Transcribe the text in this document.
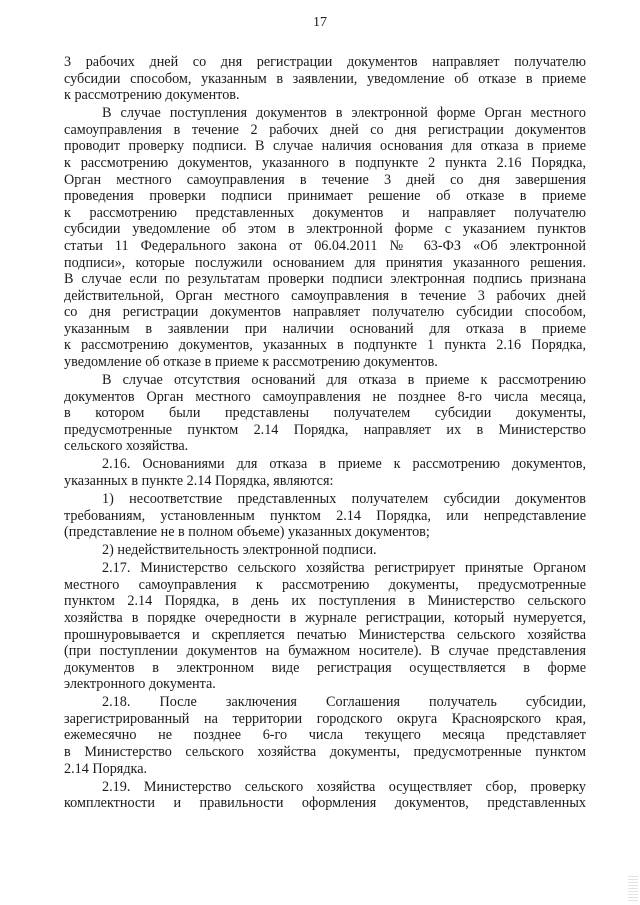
17
3 рабочих дней со дня регистрации документов направляет получателю
субсидии способом, указанным в заявлении, уведомление об отказе в приеме
к рассмотрению документов.
В случае поступления документов в электронной форме Орган местного
самоуправления в течение 2 рабочих дней со дня регистрации документов
проводит проверку подписи. В случае наличия основания для отказа в приеме
к рассмотрению документов, указанного в подпункте 2 пункта 2.16 Порядка,
Орган местного самоуправления в течение 3 дней со дня завершения
проведения проверки подписи принимает решение об отказе в приеме
к рассмотрению представленных документов и направляет получателю
субсидии уведомление об этом в электронной форме с указанием пунктов
статьи 11 Федерального закона от 06.04.2011 № 63-ФЗ «Об электронной
подписи», которые послужили основанием для принятия указанного решения.
В случае если по результатам проверки подписи электронная подпись признана
действительной, Орган местного самоуправления в течение 3 рабочих дней
со дня регистрации документов направляет получателю субсидии способом,
указанным в заявлении при наличии оснований для отказа в приеме
к рассмотрению документов, указанных в подпункте 1 пункта 2.16 Порядка,
уведомление об отказе в приеме к рассмотрению документов.
В случае отсутствия оснований для отказа в приеме к рассмотрению
документов Орган местного самоуправления не позднее 8-го числа месяца,
в котором были представлены получателем субсидии документы,
предусмотренные пунктом 2.14 Порядка, направляет их в Министерство
сельского хозяйства.
2.16. Основаниями для отказа в приеме к рассмотрению документов,
указанных в пункте 2.14 Порядка, являются:
1) несоответствие представленных получателем субсидии документов
требованиям, установленным пунктом 2.14 Порядка, или непредставление
(представление не в полном объеме) указанных документов;
2) недействительность электронной подписи.
2.17. Министерство сельского хозяйства регистрирует принятые Органом
местного самоуправления к рассмотрению документы, предусмотренные
пунктом 2.14 Порядка, в день их поступления в Министерство сельского
хозяйства в порядке очередности в журнале регистрации, который нумеруется,
прошнуровывается и скрепляется печатью Министерства сельского хозяйства
(при поступлении документов на бумажном носителе). В случае представления
документов в электронном виде регистрация осуществляется в форме
электронного документа.
2.18. После заключения Соглашения получатель субсидии,
зарегистрированный на территории городского округа Красноярского края,
ежемесячно не позднее 6-го числа текущего месяца представляет
в Министерство сельского хозяйства документы, предусмотренные пунктом
2.14 Порядка.
2.19. Министерство сельского хозяйства осуществляет сбор, проверку
комплектности и правильности оформления документов, представленных
